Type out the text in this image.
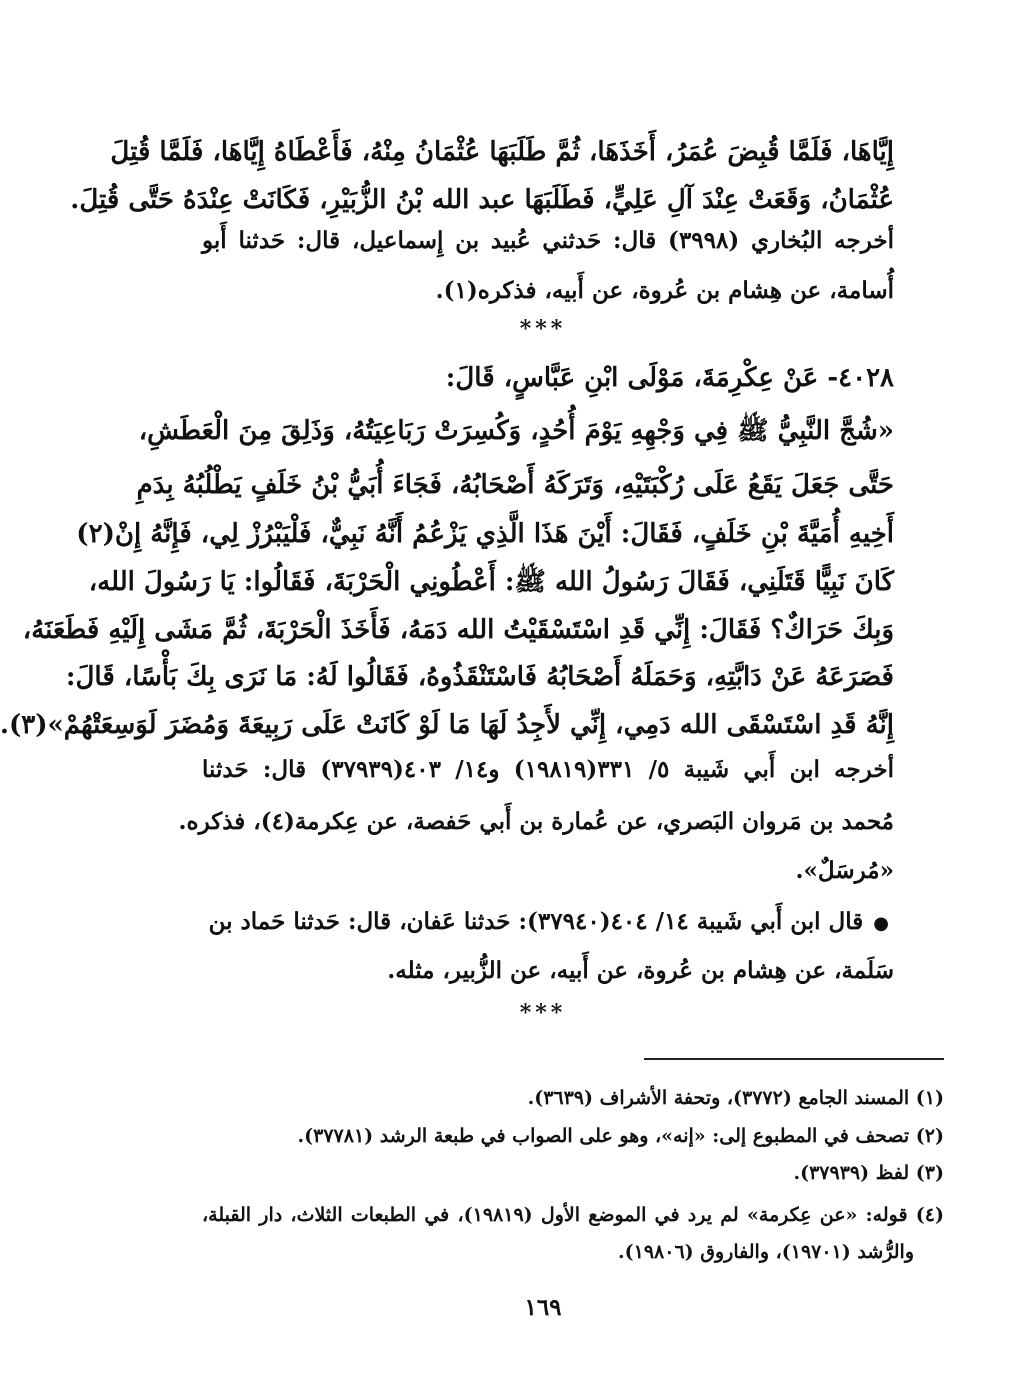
إِيَّاهَا، فَلَمَّا قُبِضَ عُمَرُ، أَخَذَهَا، ثُمَّ طَلَبَهَا عُثْمَانُ مِنْهُ، فَأَعْطَاهُ إِيَّاهَا، فَلَمَّا قُتِلَ
عُثْمَانُ، وَقَعَتْ عِنْدَ آلِ عَلِيٍّ، فَطَلَبَهَا عبد الله بْنُ الزُّبَيْرِ، فَكَانَتْ عِنْدَهُ حَتَّى قُتِلَ.
أخرجه البُخاري (٣٩٩٨) قال: حَدثني عُبيد بن إِسماعيل، قال: حَدثنا أَبو
أُسامة، عن هِشام بن عُروة، عن أَبيه، فذكره(١).
***
٤٠٢٨- عَنْ عِكْرِمَةَ، مَوْلَى ابْنِ عَبَّاسٍ، قَالَ:
«شُجَّ النَّبِيُّ ﷺ فِي وَجْهِهِ يَوْمَ أُحُدٍ، وَكُسِرَتْ رَبَاعِيَتُهُ، وَذَلِقَ مِنَ الْعَطَشِ،
حَتَّى جَعَلَ يَقَعُ عَلَى رُكْبَتَيْهِ، وَتَرَكَهُ أَصْحَابُهُ، فَجَاءَ أُبَيُّ بْنُ خَلَفٍ يَطْلُبُهُ بِدَمِ
أَخِيهِ أُمَيَّةَ بْنِ خَلَفٍ، فَقَالَ: أَيْنَ هَذَا الَّذِي يَزْعُمُ أَنَّهُ نَبِيٌّ، فَلْيَبْرُزْ لِي، فَإِنَّهُ إِنْ(٢)
كَانَ نَبِيًّا قَتَلَنِي، فَقَالَ رَسُولُ الله ﷺ: أَعْطُونِي الْحَرْبَةَ، فَقَالُوا: يَا رَسُولَ الله،
وَبِكَ حَرَاكٌ؟ فَقَالَ: إِنِّي قَدِ اسْتَسْقَيْتُ الله دَمَهُ، فَأَخَذَ الْحَرْبَةَ، ثُمَّ مَشَى إِلَيْهِ فَطَعَنَهُ،
فَصَرَعَهُ عَنْ دَابَّتِهِ، وَحَمَلَهُ أَصْحَابُهُ فَاسْتَنْقَذُوهُ، فَقَالُوا لَهُ: مَا نَرَى بِكَ بَأْسًا، قَالَ:
إِنَّهُ قَدِ اسْتَسْقَى الله دَمِي، إِنِّي لأَجِدُ لَهَا مَا لَوْ كَانَتْ عَلَى رَبِيعَةَ وَمُضَرَ لَوَسِعَتْهُمْ»(٣).
أخرجه ابن أَبي شَيبة ٥/ ٣٣١(١٩٨١٩) و١٤/ ٤٠٣(٣٧٩٣٩) قال: حَدثنا
مُحمد بن مَروان البَصري، عن عُمارة بن أَبي حَفصة، عن عِكرمة(٤)، فذكره.
«مُرسَلٌ».
●قال ابن أَبي شَيبة ١٤/ ٤٠٤(٣٧٩٤٠): حَدثنا عَفان، قال: حَدثنا حَماد بن
سَلَمة، عن هِشام بن عُروة، عن أَبيه، عن الزُّبير، مثله.
***
(١) المسند الجامع (٣٧٧٢)، وتحفة الأشراف (٣٦٣٩).
(٢) تصحف في المطبوع إلى: «إنه»، وهو على الصواب في طبعة الرشد (٣٧٧٨١).
(٣) لفظ (٣٧٩٣٩).
(٤) قوله: «عن عِكرمة» لم يرد في الموضع الأول (١٩٨١٩)، في الطبعات الثلاث، دار القبلة،
والرُّشد (١٩٧٠١)، والفاروق (١٩٨٠٦).
١٦٩
